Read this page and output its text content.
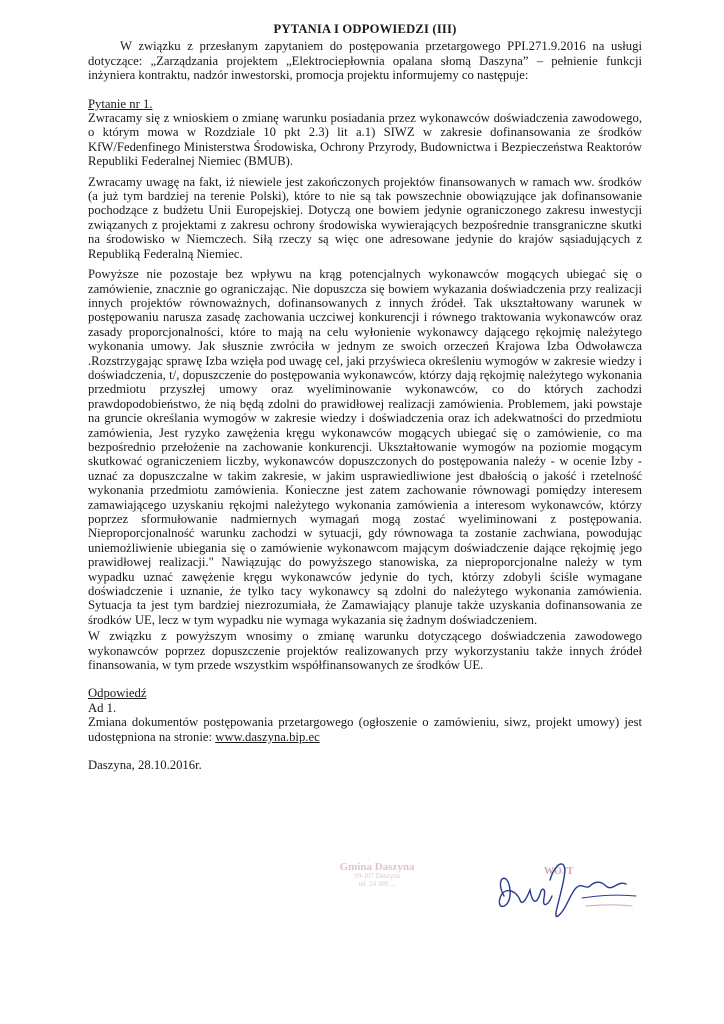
PYTANIA I ODPOWIEDZI (III)

W związku z przesłanym zapytaniem do postępowania przetargowego PPI.271.9.2016 na usługi dotyczące: „Zarządzania projektem „Elektrociepłownia opalana słomą Daszyna” – pełnienie funkcji inżyniera kontraktu, nadzór inwestorski, promocja projektu informujemy co następuje:

Pytanie nr 1.

Zwracamy się z wnioskiem o zmianę warunku posiadania przez wykonawców doświadczenia zawodowego, o którym mowa w Rozdziale 10 pkt 2.3) lit a.1) SIWZ w zakresie dofinansowania ze środków KfW/Fedenfinego Ministerstwa Środowiska, Ochrony Przyrody, Budownictwa i Bezpieczeństwa Reaktorów Republiki Federalnej Niemiec (BMUB).

Zwracamy uwagę na fakt, iż niewiele jest zakończonych projektów finansowanych w ramach ww. środków (a już tym bardziej na terenie Polski), które to nie są tak powszechnie obowiązujące jak dofinansowanie pochodzące z budżetu Unii Europejskiej. Dotyczą one bowiem jedynie ograniczonego zakresu inwestycji związanych z projektami z zakresu ochrony środowiska wywierających bezpośrednie transgraniczne skutki na środowisko w Niemczech. Siłą rzeczy są więc one adresowane jedynie do krajów sąsiadujących z Republiką Federalną Niemiec.

Powyższe nie pozostaje bez wpływu na krąg potencjalnych wykonawców mogących ubiegać się o zamówienie, znacznie go ograniczając. Nie dopuszcza się bowiem wykazania doświadczenia przy realizacji innych projektów równoważnych, dofinansowanych z innych źródeł. Tak ukształtowany warunek w postępowaniu narusza zasadę zachowania uczciwej konkurencji i równego traktowania wykonawców oraz zasady proporcjonalności, które to mają na celu wyłonienie wykonawcy dającego rękojmię należytego wykonania umowy. Jak słusznie zwróciła w jednym ze swoich orzeczeń Krajowa Izba Odwoławcza .Rozstrzygając sprawę Izba wzięła pod uwagę cel, jaki przyświeca określeniu wymogów w zakresie wiedzy i doświadczenia, t/, dopuszczenie do postępowania wykonawców, którzy dają rękojmię należytego wykonania przedmiotu przyszłej umowy oraz wyeliminowanie wykonawców, co do których zachodzi prawdopodobieństwo, że nią będą zdolni do prawidłowej realizacji zamówienia. Problemem, jaki powstaje na gruncie określania wymogów w zakresie wiedzy i doświadczenia oraz ich adekwatności do przedmiotu zamówienia, Jest ryzyko zawężenia kręgu wykonawców mogących ubiegać się o zamówienie, co ma bezpośrednio przełożenie na zachowanie konkurencji. Ukształtowanie wymogów na poziomie mogącym skutkować ograniczeniem liczby, wykonawców dopuszczonych do postępowania należy - w ocenie Izby - uznać za dopuszczalne w takim zakresie, w jakim usprawiedliwione jest dbałością o jakość i rzetelność wykonania przedmiotu zamówienia. Konieczne jest zatem zachowanie równowagi pomiędzy interesem zamawiającego uzyskaniu rękojmi należytego wykonania zamówienia a interesom wykonawców, którzy poprzez sformułowanie nadmiernych wymagań mogą zostać wyeliminowani z postępowania. Nieproporcjonalność warunku zachodzi w sytuacji, gdy równowaga ta zostanie zachwiana, powodując uniemożliwienie ubiegania się o zamówienie wykonawcom mającym doświadczenie dające rękojmię jego prawidłowej realizacji." Nawiązując do powyższego stanowiska, za nieproporcjonalne należy w tym wypadku uznać zawężenie kręgu wykonawców jedynie do tych, którzy zdobyli ściśle wymagane doświadczenie i uznanie, że tylko tacy wykonawcy są zdolni do należytego wykonania zamówienia. Sytuacja ta jest tym bardziej niezrozumiała, że Zamawiający planuje także uzyskania dofinansowania ze środków UE, lecz w tym wypadku nie wymaga wykazania się żadnym doświadczeniem.

W związku z powyższym wnosimy o zmianę warunku dotyczącego doświadczenia zawodowego wykonawców poprzez dopuszczenie projektów realizowanych przy wykorzystaniu także innych źródeł finansowania, w tym przede wszystkim współfinansowanych ze środków UE.

Odpowiedź

Ad 1.

Zmiana dokumentów postępowania przetargowego (ogłoszenie o zamówieniu, siwz, projekt umowy) jest udostępniona na stronie: www.daszyna.bip.ec

Daszyna, 28.10.2016r.

Gmina Daszyna
99-107 Daszyna
tel. 24 389 ...
WÓJT
